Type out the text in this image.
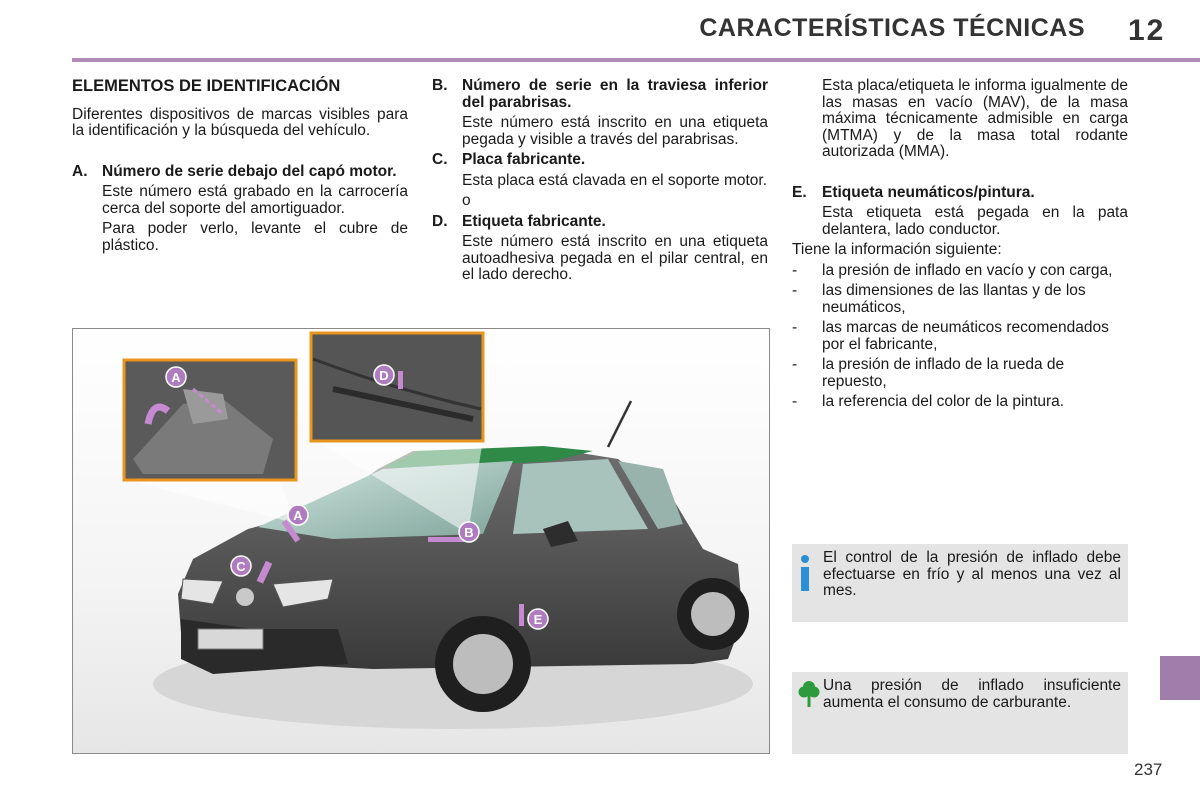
CARACTERÍSTICAS TÉCNICAS 12

ELEMENTOS DE IDENTIFICACIÓN

Diferentes dispositivos de marcas visibles para la identificación y la búsqueda del vehículo.

A. Número de serie debajo del capó motor.

Este número está grabado en la carrocería cerca del soporte del amortiguador.

Para poder verlo, levante el cubre de plástico.

B. Número de serie en la traviesa inferior del parabrisas.

Este número está inscrito en una etiqueta pegada y visible a través del parabrisas.

C. Placa fabricante.

Esta placa está clavada en el soporte motor.

o

D. Etiqueta fabricante.

Este número está inscrito en una etiqueta autoadhesiva pegada en el pilar central, en el lado derecho.

Esta placa/etiqueta le informa igualmente de las masas en vacío (MAV), de la masa máxima técnicamente admisible en carga (MTMA) y de la masa total rodante autorizada (MMA).

E. Etiqueta neumáticos/pintura.

Esta etiqueta está pegada en la pata delantera, lado conductor.

Tiene la información siguiente:

- la presión de inflado en vacío y con carga,
- las dimensiones de las llantas y de los neumáticos,
- las marcas de neumáticos recomendados por el fabricante,
- la presión de inflado de la rueda de repuesto,
- la referencia del color de la pintura.
A	D
A
B
C
E
El control de la presión de inflado debe efectuarse en frío y al menos una vez al mes.
Una presión de inflado insuficiente aumenta el consumo de carburante.
237
